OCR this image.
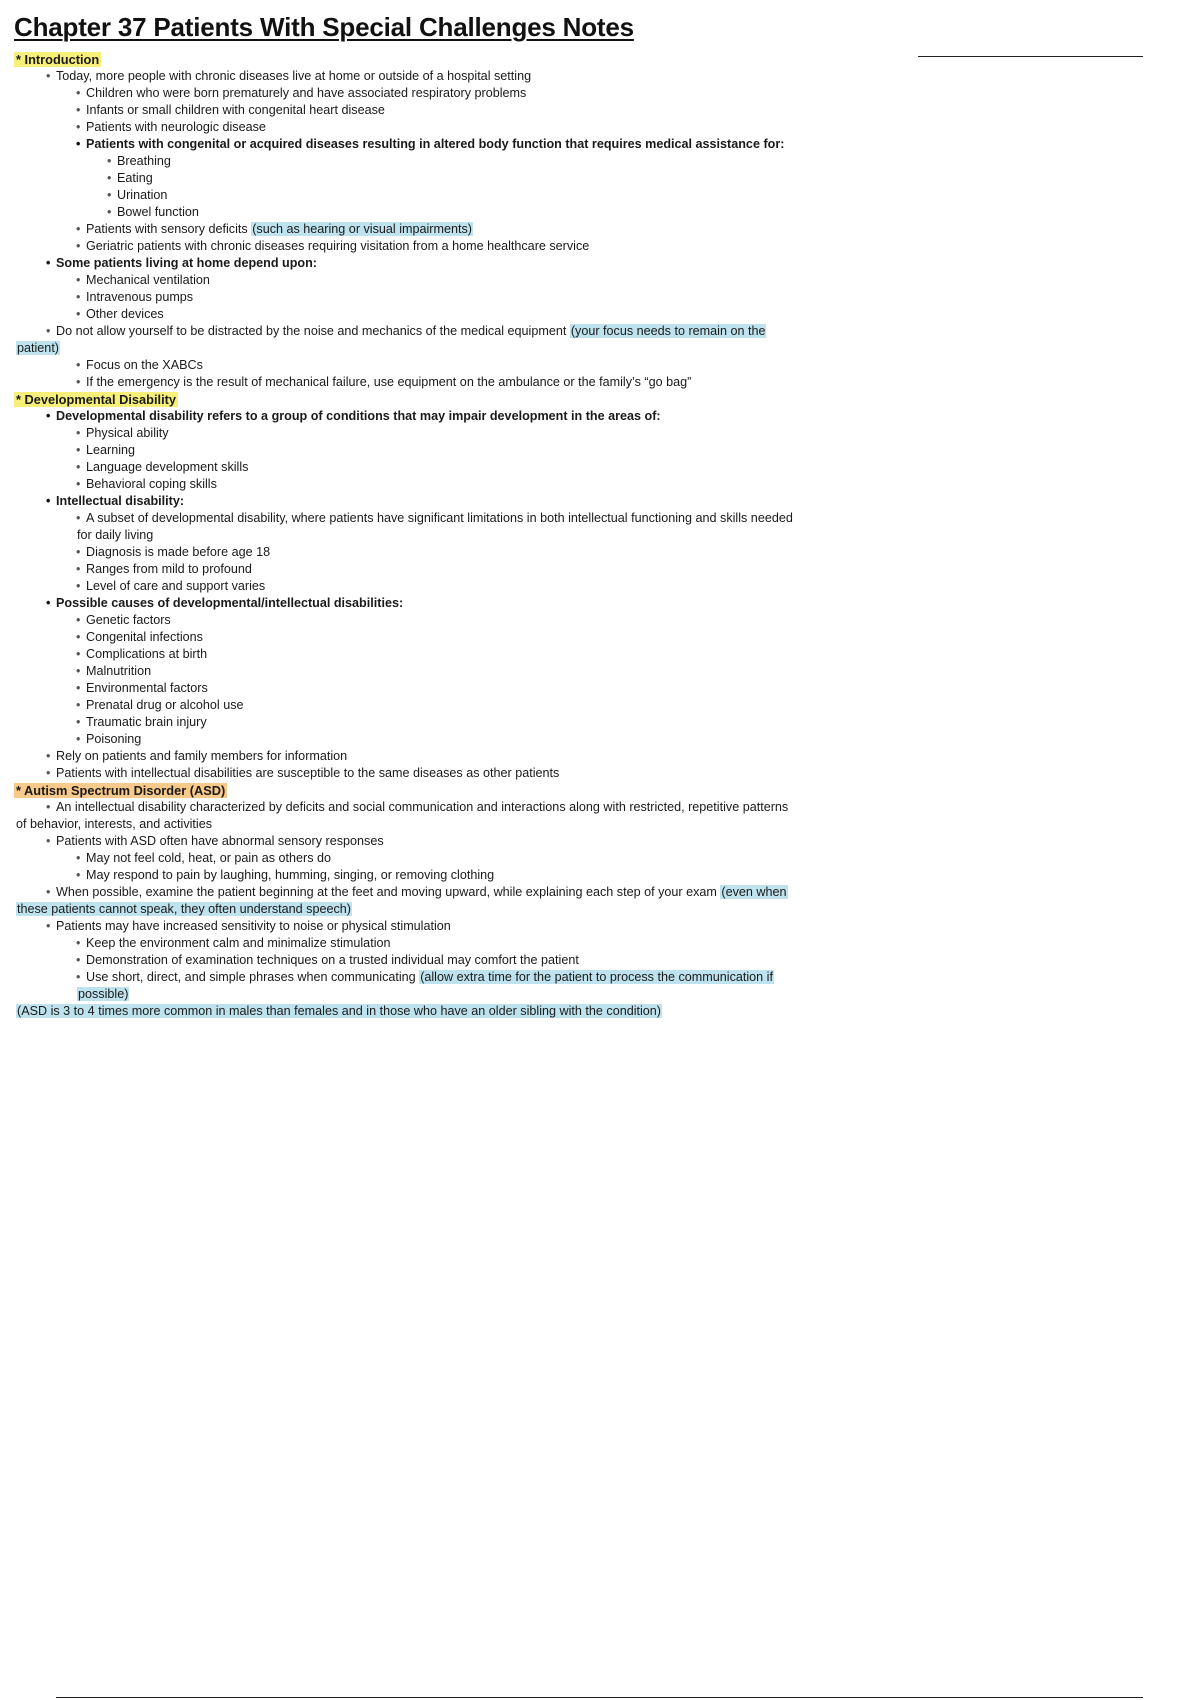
Chapter 37 Patients With Special Challenges Notes
* Introduction
• Today, more people with chronic diseases live at home or outside of a hospital setting
• Children who were born prematurely and have associated respiratory problems
• Infants or small children with congenital heart disease
• Patients with neurologic disease
• Patients with congenital or acquired diseases resulting in altered body function that requires medical assistance for:
• Breathing
• Eating
• Urination
• Bowel function
• Patients with sensory deficits (such as hearing or visual impairments)
• Geriatric patients with chronic diseases requiring visitation from a home healthcare service
• Some patients living at home depend upon:
• Mechanical ventilation
• Intravenous pumps
• Other devices
• Do not allow yourself to be distracted by the noise and mechanics of the medical equipment (your focus needs to remain on the
patient)
• Focus on the XABCs
• If the emergency is the result of mechanical failure, use equipment on the ambulance or the family’s “go bag”
* Developmental Disability
• Developmental disability refers to a group of conditions that may impair development in the areas of:
• Physical ability
• Learning
• Language development skills
• Behavioral coping skills
• Intellectual disability:
• A subset of developmental disability, where patients have significant limitations in both intellectual functioning and skills needed
for daily living
• Diagnosis is made before age 18
• Ranges from mild to profound
• Level of care and support varies
• Possible causes of developmental/intellectual disabilities:
• Genetic factors
• Congenital infections
• Complications at birth
• Malnutrition
• Environmental factors
• Prenatal drug or alcohol use
• Traumatic brain injury
• Poisoning
• Rely on patients and family members for information
• Patients with intellectual disabilities are susceptible to the same diseases as other patients
* Autism Spectrum Disorder (ASD)
• An intellectual disability characterized by deficits and social communication and interactions along with restricted, repetitive patterns
of behavior, interests, and activities
• Patients with ASD often have abnormal sensory responses
• May not feel cold, heat, or pain as others do
• May respond to pain by laughing, humming, singing, or removing clothing
• When possible, examine the patient beginning at the feet and moving upward, while explaining each step of your exam (even when
these patients cannot speak, they often understand speech)
• Patients may have increased sensitivity to noise or physical stimulation
• Keep the environment calm and minimalize stimulation
• Demonstration of examination techniques on a trusted individual may comfort the patient
• Use short, direct, and simple phrases when communicating (allow extra time for the patient to process the communication if
possible)
(ASD is 3 to 4 times more common in males than females and in those who have an older sibling with the condition)
